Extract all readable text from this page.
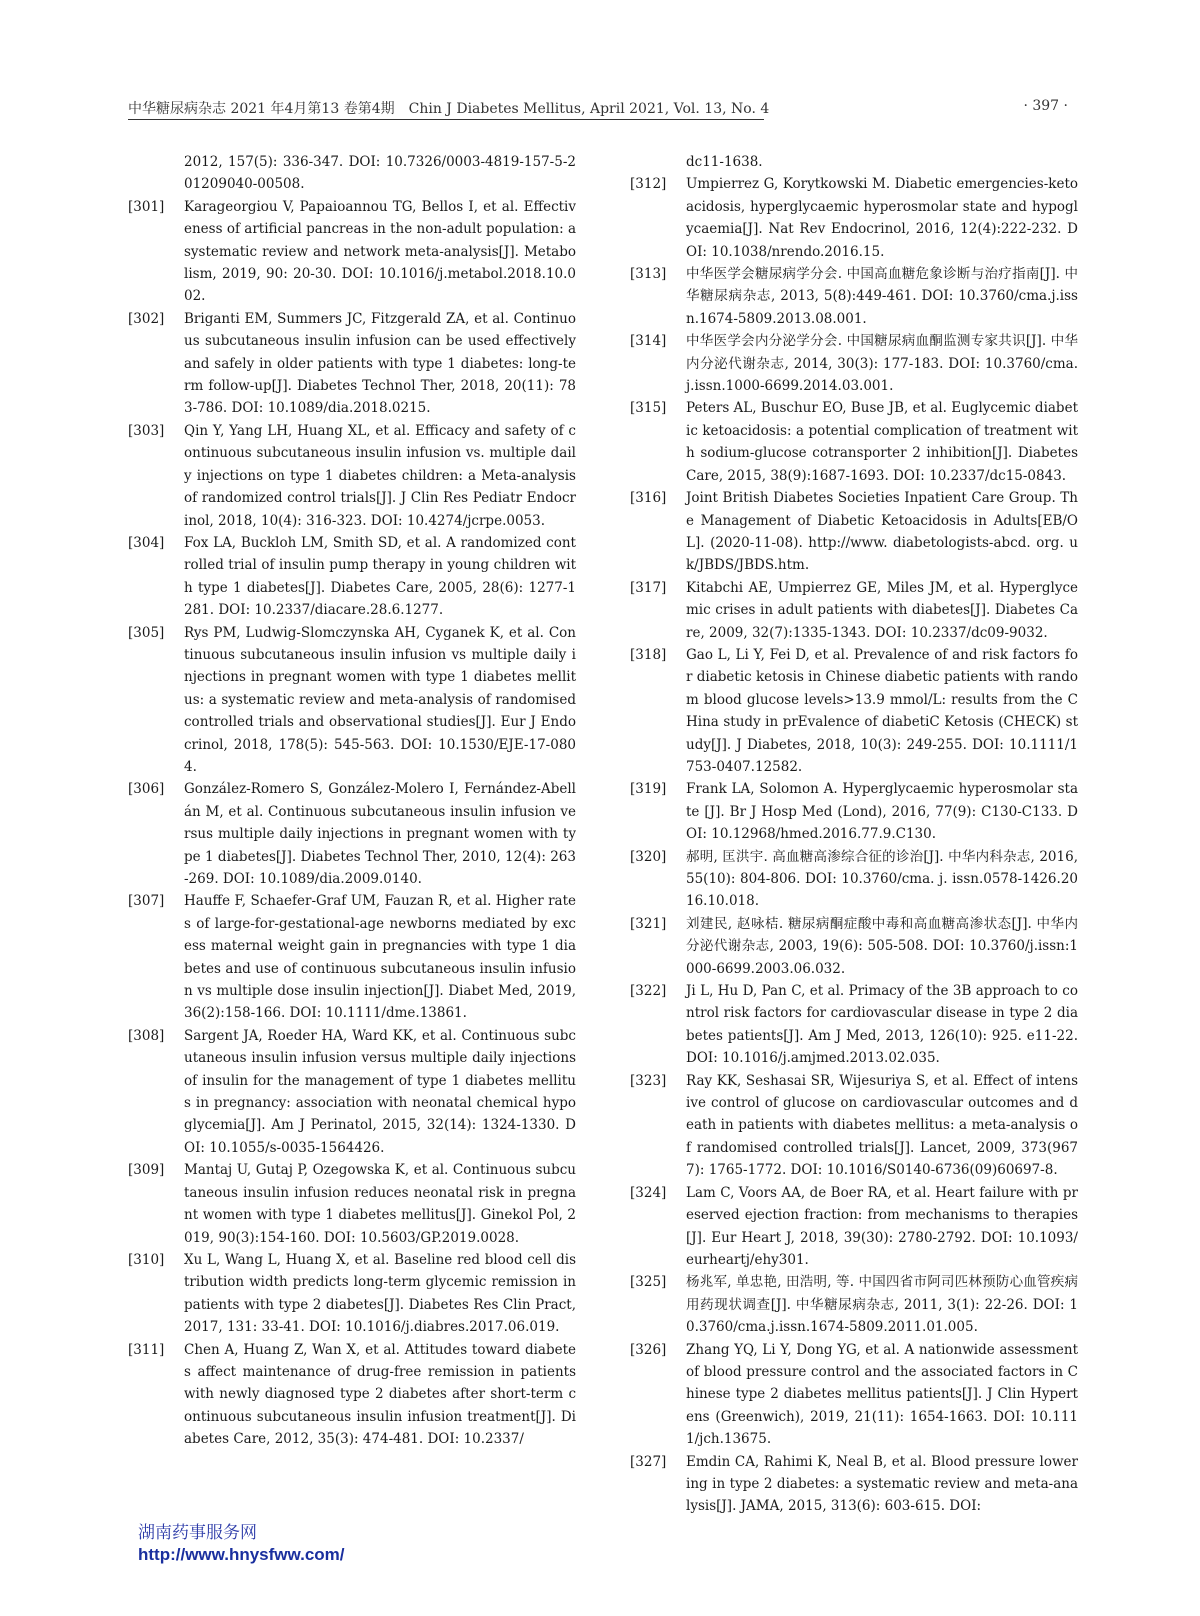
中华糖尿病杂志 2021 年4月第13 卷第4期　Chin J Diabetes Mellitus, April 2021, Vol. 13, No. 4	· 397 ·
2012, 157(5): 336-347. DOI: 10.7326/0003-4819-157-5-201209040-00508.
[301] Karageorgiou V, Papaioannou TG, Bellos I, et al. Effectiveness of artificial pancreas in the non-adult population: a systematic review and network meta-analysis[J]. Metabolism, 2019, 90: 20-30. DOI: 10.1016/j.metabol.2018.10.002.
[302] Briganti EM, Summers JC, Fitzgerald ZA, et al. Continuous subcutaneous insulin infusion can be used effectively and safely in older patients with type 1 diabetes: long-term follow-up[J]. Diabetes Technol Ther, 2018, 20(11): 783-786. DOI: 10.1089/dia.2018.0215.
[303] Qin Y, Yang LH, Huang XL, et al. Efficacy and safety of continuous subcutaneous insulin infusion vs. multiple daily injections on type 1 diabetes children: a Meta-analysis of randomized control trials[J]. J Clin Res Pediatr Endocrinol, 2018, 10(4): 316-323. DOI: 10.4274/jcrpe.0053.
[304] Fox LA, Buckloh LM, Smith SD, et al. A randomized controlled trial of insulin pump therapy in young children with type 1 diabetes[J]. Diabetes Care, 2005, 28(6): 1277-1281. DOI: 10.2337/diacare.28.6.1277.
[305] Rys PM, Ludwig-Slomczynska AH, Cyganek K, et al. Continuous subcutaneous insulin infusion vs multiple daily injections in pregnant women with type 1 diabetes mellitus: a systematic review and meta-analysis of randomised controlled trials and observational studies[J]. Eur J Endocrinol, 2018, 178(5): 545-563. DOI: 10.1530/EJE-17-0804.
[306] González-Romero S, González-Molero I, Fernández-Abellán M, et al. Continuous subcutaneous insulin infusion versus multiple daily injections in pregnant women with type 1 diabetes[J]. Diabetes Technol Ther, 2010, 12(4): 263-269. DOI: 10.1089/dia.2009.0140.
[307] Hauffe F, Schaefer-Graf UM, Fauzan R, et al. Higher rates of large-for-gestational-age newborns mediated by excess maternal weight gain in pregnancies with type 1 diabetes and use of continuous subcutaneous insulin infusion vs multiple dose insulin injection[J]. Diabet Med, 2019, 36(2):158-166. DOI: 10.1111/dme.13861.
[308] Sargent JA, Roeder HA, Ward KK, et al. Continuous subcutaneous insulin infusion versus multiple daily injections of insulin for the management of type 1 diabetes mellitus in pregnancy: association with neonatal chemical hypoglycemia[J]. Am J Perinatol, 2015, 32(14): 1324-1330. DOI: 10.1055/s-0035-1564426.
[309] Mantaj U, Gutaj P, Ozegowska K, et al. Continuous subcutaneous insulin infusion reduces neonatal risk in pregnant women with type 1 diabetes mellitus[J]. Ginekol Pol, 2019, 90(3):154-160. DOI: 10.5603/GP.2019.0028.
[310] Xu L, Wang L, Huang X, et al. Baseline red blood cell distribution width predicts long-term glycemic remission in patients with type 2 diabetes[J]. Diabetes Res Clin Pract, 2017, 131: 33-41. DOI: 10.1016/j.diabres.2017.06.019.
[311] Chen A, Huang Z, Wan X, et al. Attitudes toward diabetes affect maintenance of drug-free remission in patients with newly diagnosed type 2 diabetes after short-term continuous subcutaneous insulin infusion treatment[J]. Diabetes Care, 2012, 35(3): 474-481. DOI: 10.2337/
dc11-1638.
[312] Umpierrez G, Korytkowski M. Diabetic emergencies-ketoacidosis, hyperglycaemic hyperosmolar state and hypoglycaemia[J]. Nat Rev Endocrinol, 2016, 12(4):222-232. DOI: 10.1038/nrendo.2016.15.
[313] 中华医学会糖尿病学分会. 中国高血糖危象诊断与治疗指南[J]. 中华糖尿病杂志, 2013, 5(8):449-461. DOI: 10.3760/cma.j.issn.1674-5809.2013.08.001.
[314] 中华医学会内分泌学分会. 中国糖尿病血酮监测专家共识[J]. 中华内分泌代谢杂志, 2014, 30(3): 177-183. DOI: 10.3760/cma.j.issn.1000-6699.2014.03.001.
[315] Peters AL, Buschur EO, Buse JB, et al. Euglycemic diabetic ketoacidosis: a potential complication of treatment with sodium-glucose cotransporter 2 inhibition[J]. Diabetes Care, 2015, 38(9):1687-1693. DOI: 10.2337/dc15-0843.
[316] Joint British Diabetes Societies Inpatient Care Group. The Management of Diabetic Ketoacidosis in Adults[EB/OL]. (2020-11-08). http://www. diabetologists-abcd. org. uk/JBDS/JBDS.htm.
[317] Kitabchi AE, Umpierrez GE, Miles JM, et al. Hyperglycemic crises in adult patients with diabetes[J]. Diabetes Care, 2009, 32(7):1335-1343. DOI: 10.2337/dc09-9032.
[318] Gao L, Li Y, Fei D, et al. Prevalence of and risk factors for diabetic ketosis in Chinese diabetic patients with random blood glucose levels>13.9 mmol/L: results from the CHina study in prEvalence of diabetiC Ketosis (CHECK) study[J]. J Diabetes, 2018, 10(3): 249-255. DOI: 10.1111/1753-0407.12582.
[319] Frank LA, Solomon A. Hyperglycaemic hyperosmolar state [J]. Br J Hosp Med (Lond), 2016, 77(9): C130-C133. DOI: 10.12968/hmed.2016.77.9.C130.
[320] 郝明, 匡洪宇. 高血糖高渗综合征的诊治[J]. 中华内科杂志, 2016, 55(10): 804-806. DOI: 10.3760/cma. j. issn.0578-1426.2016.10.018.
[321] 刘建民, 赵咏桔. 糖尿病酮症酸中毒和高血糖高渗状态[J]. 中华内分泌代谢杂志, 2003, 19(6): 505-508. DOI: 10.3760/j.issn:1000-6699.2003.06.032.
[322] Ji L, Hu D, Pan C, et al. Primacy of the 3B approach to control risk factors for cardiovascular disease in type 2 diabetes patients[J]. Am J Med, 2013, 126(10): 925. e11-22. DOI: 10.1016/j.amjmed.2013.02.035.
[323] Ray KK, Seshasai SR, Wijesuriya S, et al. Effect of intensive control of glucose on cardiovascular outcomes and death in patients with diabetes mellitus: a meta-analysis of randomised controlled trials[J]. Lancet, 2009, 373(9677): 1765-1772. DOI: 10.1016/S0140-6736(09)60697-8.
[324] Lam C, Voors AA, de Boer RA, et al. Heart failure with preserved ejection fraction: from mechanisms to therapies[J]. Eur Heart J, 2018, 39(30): 2780-2792. DOI: 10.1093/eurheartj/ehy301.
[325] 杨兆军, 单忠艳, 田浩明, 等. 中国四省市阿司匹林预防心血管疾病用药现状调查[J]. 中华糖尿病杂志, 2011, 3(1): 22-26. DOI: 10.3760/cma.j.issn.1674-5809.2011.01.005.
[326] Zhang YQ, Li Y, Dong YG, et al. A nationwide assessment of blood pressure control and the associated factors in Chinese type 2 diabetes mellitus patients[J]. J Clin Hypertens (Greenwich), 2019, 21(11): 1654-1663. DOI: 10.1111/jch.13675.
[327] Emdin CA, Rahimi K, Neal B, et al. Blood pressure lowering in type 2 diabetes: a systematic review and meta-analysis[J]. JAMA, 2015, 313(6): 603-615. DOI:
湖南药事服务网
http://www.hnysfww.com/
